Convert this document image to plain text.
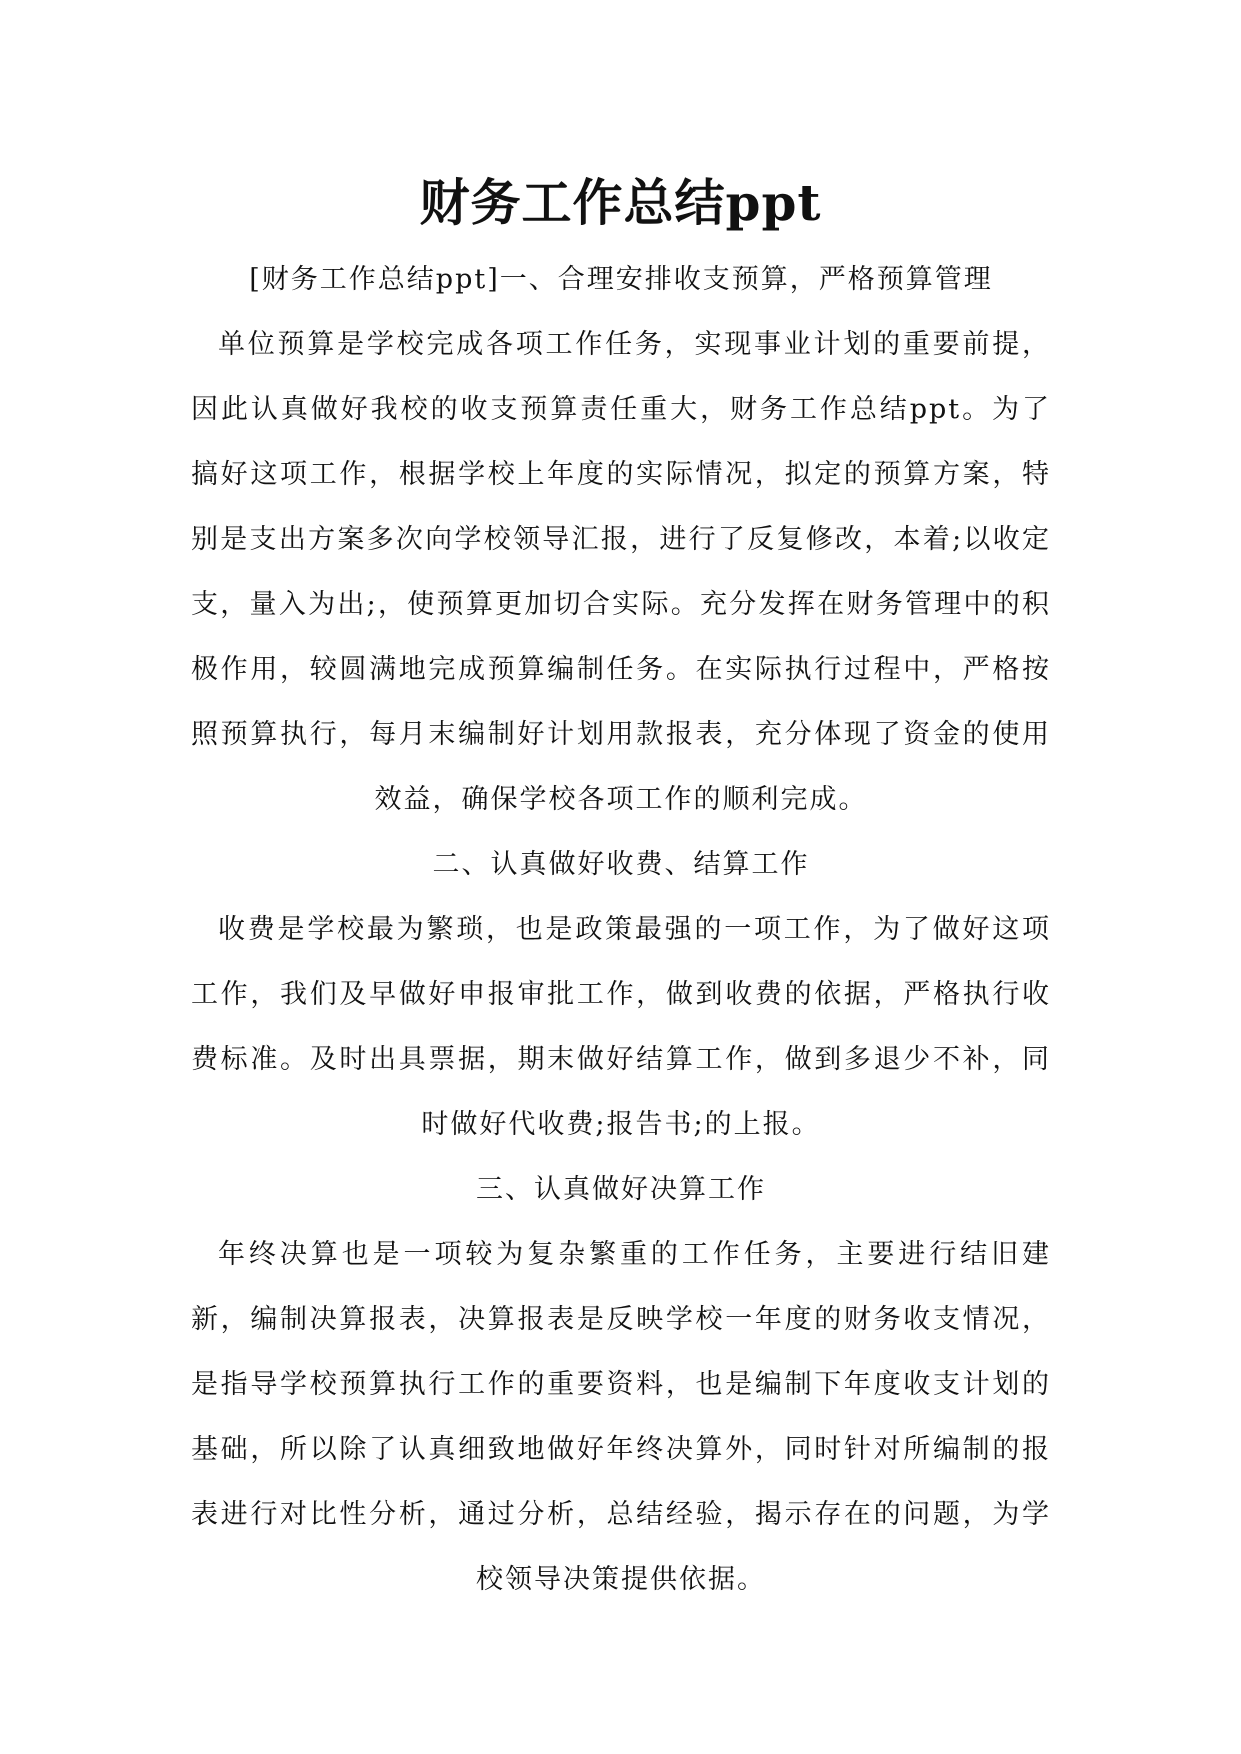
财务工作总结ppt

[财务工作总结ppt]一、合理安排收支预算，严格预算管理

单位预算是学校完成各项工作任务，实现事业计划的重要前提，因此认真做好我校的收支预算责任重大，财务工作总结ppt。为了搞好这项工作，根据学校上年度的实际情况，拟定的预算方案，特别是支出方案多次向学校领导汇报，进行了反复修改，本着;以收定支，量入为出;，使预算更加切合实际。充分发挥在财务管理中的积极作用，较圆满地完成预算编制任务。在实际执行过程中，严格按照预算执行，每月末编制好计划用款报表，充分体现了资金的使用效益，确保学校各项工作的顺利完成。

二、认真做好收费、结算工作

收费是学校最为繁琐，也是政策最强的一项工作，为了做好这项工作，我们及早做好申报审批工作，做到收费的依据，严格执行收费标准。及时出具票据，期末做好结算工作，做到多退少不补，同时做好代收费;报告书;的上报。

三、认真做好决算工作

年终决算也是一项较为复杂繁重的工作任务，主要进行结旧建新，编制决算报表，决算报表是反映学校一年度的财务收支情况，是指导学校预算执行工作的重要资料，也是编制下年度收支计划的基础，所以除了认真细致地做好年终决算外，同时针对所编制的报表进行对比性分析，通过分析，总结经验，揭示存在的问题，为学校领导决策提供依据。
